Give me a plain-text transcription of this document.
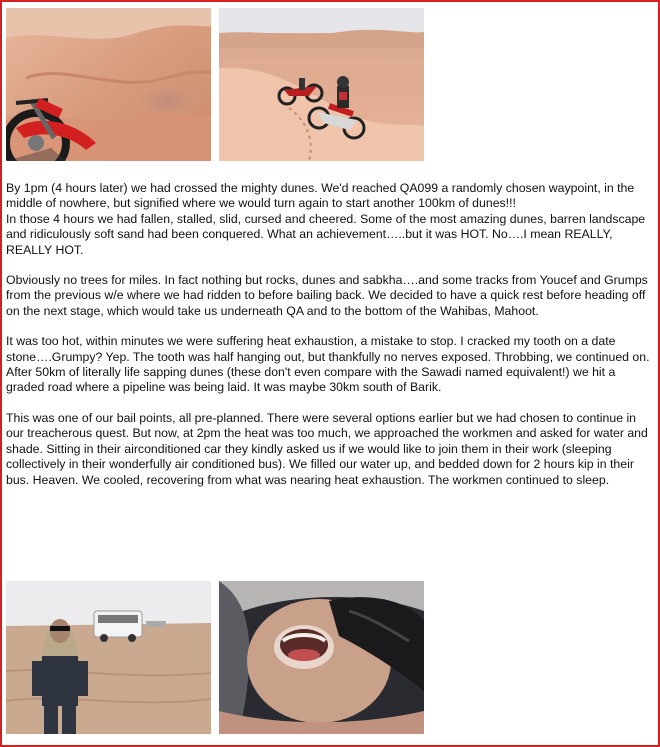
By 1pm (4 hours later) we had crossed the mighty dunes. We'd reached QA099 a randomly chosen waypoint, in the middle of nowhere, but signified where we would turn again to start another 100km of dunes!!!
In those 4 hours we had fallen, stalled, slid, cursed and cheered. Some of the most amazing dunes, barren landscape and ridiculously soft sand had been conquered. What an achievement…..but it was HOT. No….I mean REALLY, REALLY HOT.

Obviously no trees for miles. In fact nothing but rocks, dunes and sabkha….and some tracks from Youcef and Grumps from the previous w/e where we had ridden to before bailing back. We decided to have a quick rest before heading off on the next stage, which would take us underneath QA and to the bottom of the Wahibas, Mahoot.

It was too hot, within minutes we were suffering heat exhaustion, a mistake to stop. I cracked my tooth on a date stone….Grumpy? Yep. The tooth was half hanging out, but thankfully no nerves exposed. Throbbing, we continued on.
After 50km of literally life sapping dunes (these don't even compare with the Sawadi named equivalent!) we hit a graded road where a pipeline was being laid. It was maybe 30km south of Barik.

This was one of our bail points, all pre-planned. There were several options earlier but we had chosen to continue in our treacherous quest. But now, at 2pm the heat was too much, we approached the workmen and asked for water and shade. Sitting in their airconditioned car they kindly asked us if we would like to join them in their work (sleeping collectively in their wonderfully air conditioned bus). We filled our water up, and bedded down for 2 hours kip in their bus. Heaven. We cooled, recovering from what was nearing heat exhaustion. The workmen continued to sleep.
